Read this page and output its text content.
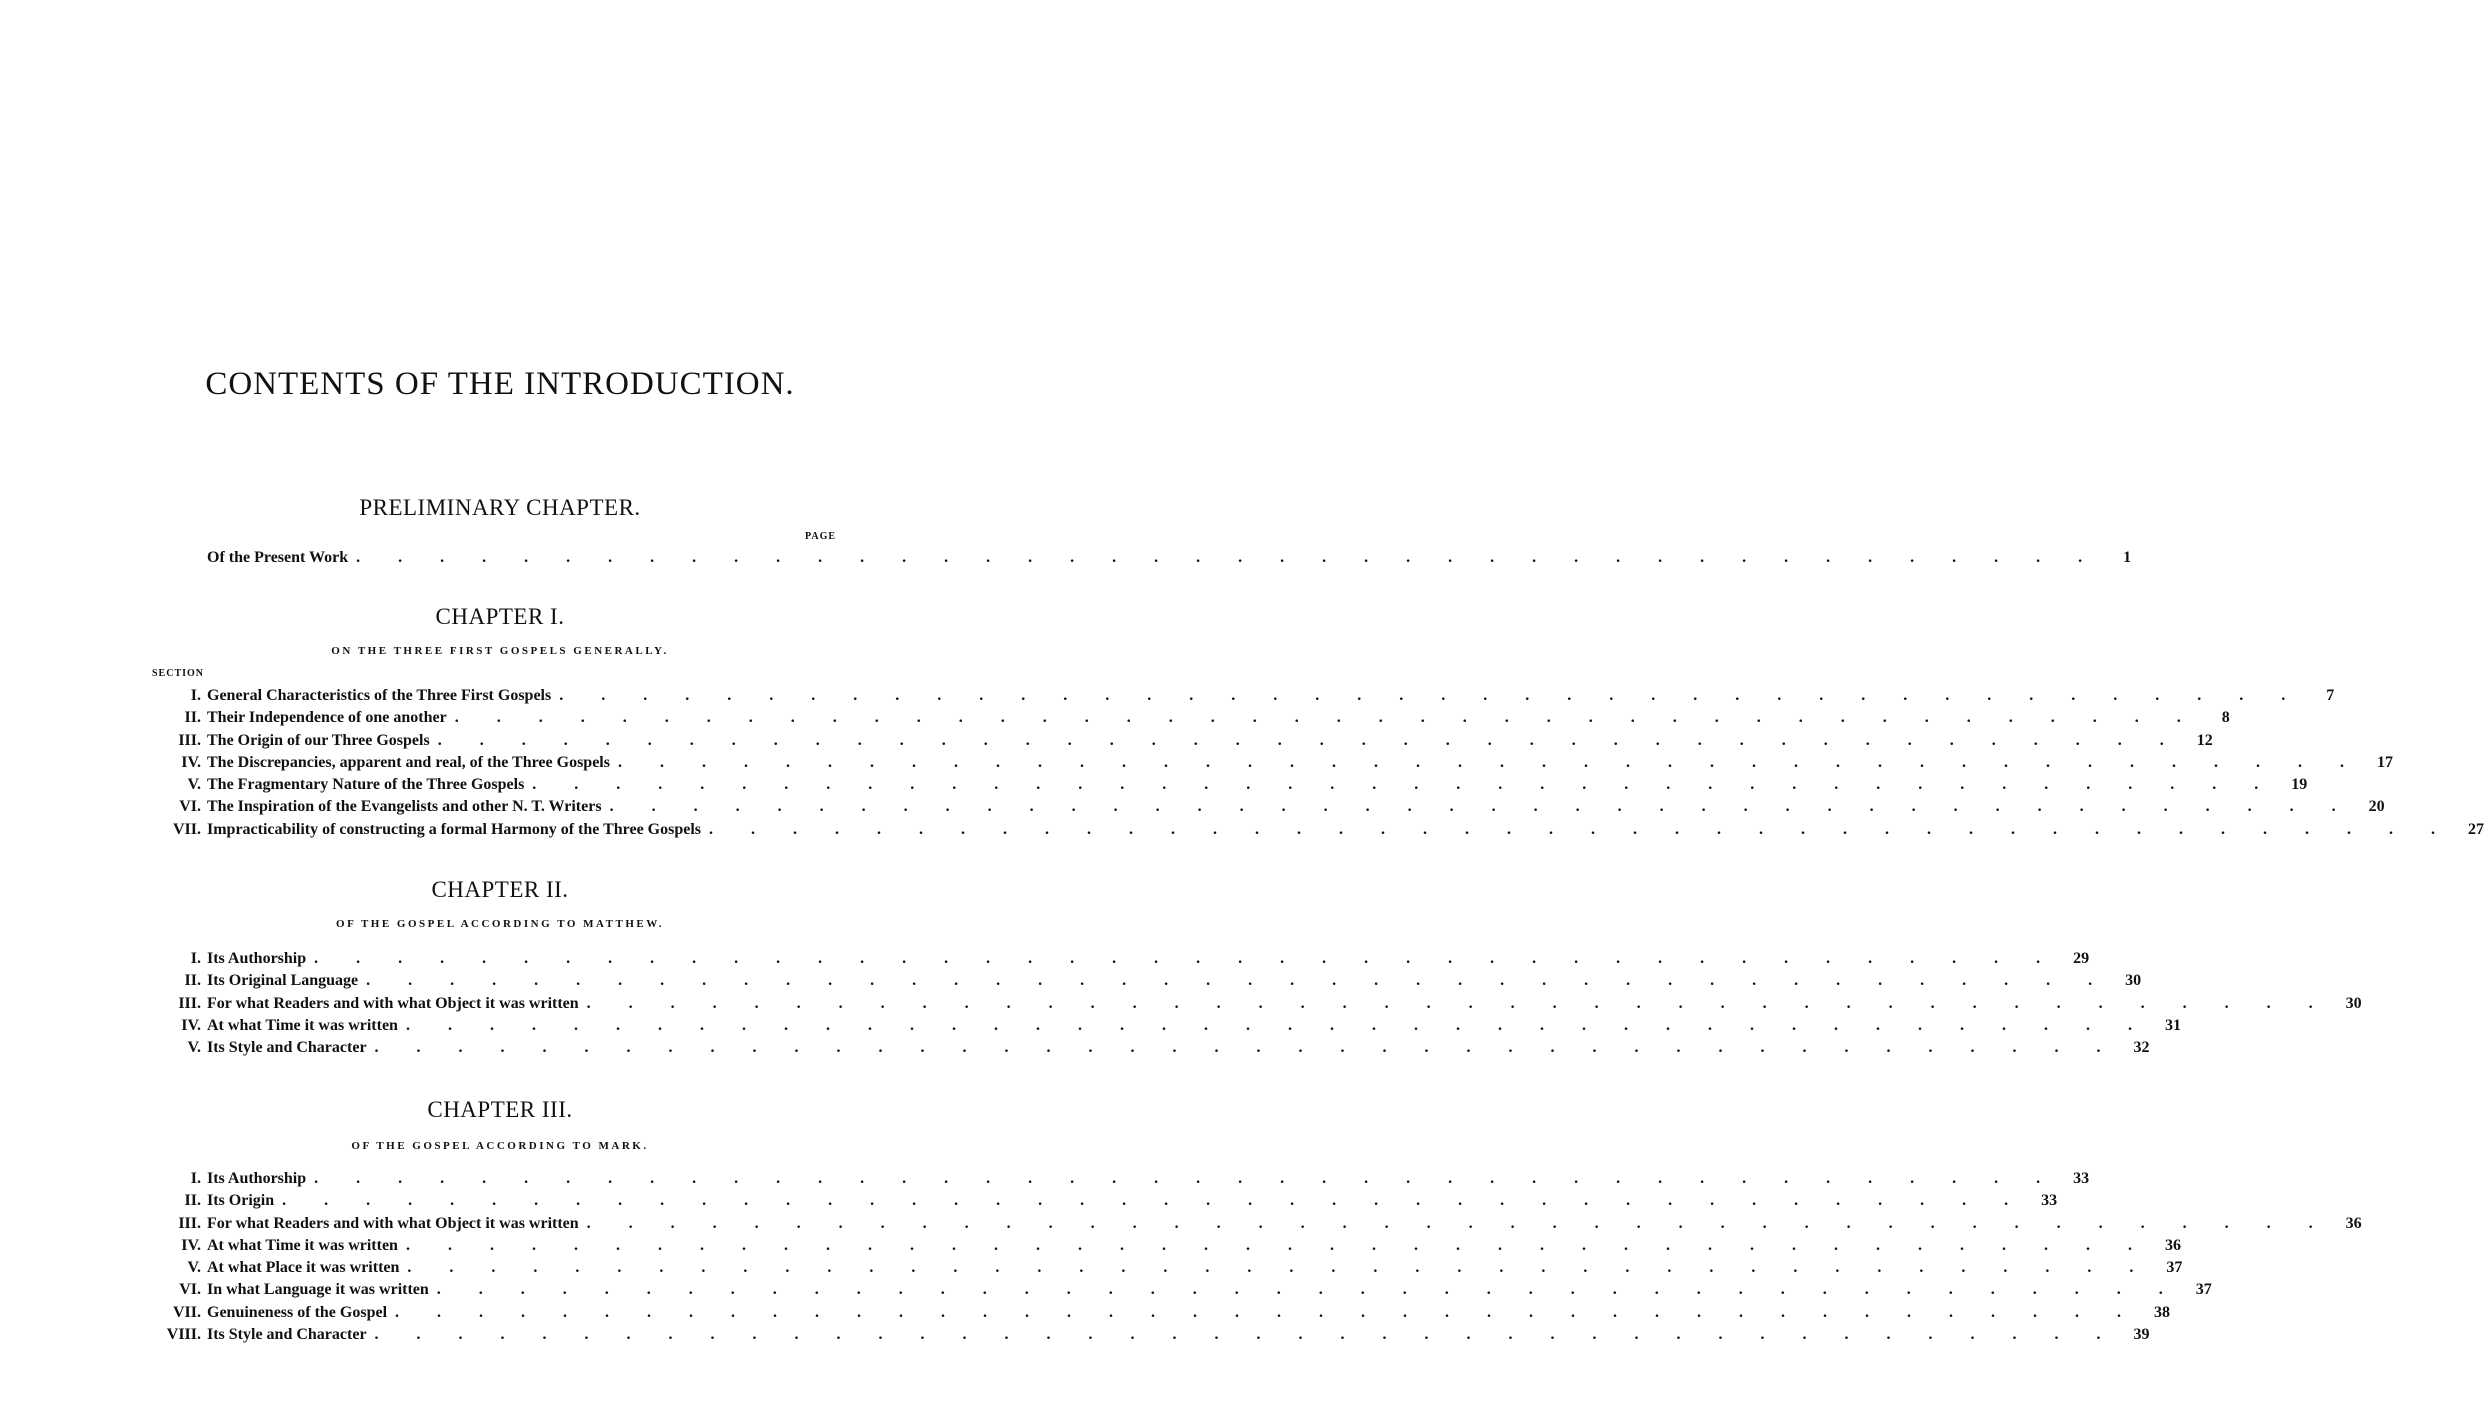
CONTENTS OF THE INTRODUCTION.
PRELIMINARY CHAPTER.
PAGE
Of the Present Work . . . . . . . . . . . . . . . . . . . . . . . . . . . . . . . . . . . . . . . . . .	1
CHAPTER I.
ON THE THREE FIRST GOSPELS GENERALLY.
SECTION
I. General Characteristics of the Three First Gospels . . . . . . . . . . . . . . . . . . . . . . . . . . . . . . . . . . . . . . . . . .	7
II. Their Independence of one another . . . . . . . . . . . . . . . . . . . . . . . . . . . . . . . . . . . . . . . . . .	8
III. The Origin of our Three Gospels . . . . . . . . . . . . . . . . . . . . . . . . . . . . . . . . . . . . . . . . . .	12
IV. The Discrepancies, apparent and real, of the Three Gospels . . . . . . . . . . . . . . . . . . . . . . . . . . . . . . . . . . . . . . . . . .	17
V. The Fragmentary Nature of the Three Gospels . . . . . . . . . . . . . . . . . . . . . . . . . . . . . . . . . . . . . . . . . .	19
VI. The Inspiration of the Evangelists and other N. T. Writers . . . . . . . . . . . . . . . . . . . . . . . . . . . . . . . . . . . . . . . . . .	20
VII. Impracticability of constructing a formal Harmony of the Three Gospels . . . . . . . . . . . . . . . . . . . . . . . . . . . . . . . . . . . . . . . . . .	27
CHAPTER II.
OF THE GOSPEL ACCORDING TO MATTHEW.
I. Its Authorship . . . . . . . . . . . . . . . . . . . . . . . . . . . . . . . . . . . . . . . . . .	29
II. Its Original Language . . . . . . . . . . . . . . . . . . . . . . . . . . . . . . . . . . . . . . . . . .	30
III. For what Readers and with what Object it was written . . . . . . . . . . . . . . . . . . . . . . . . . . . . . . . . . . . . . . . . . .	30
IV. At what Time it was written . . . . . . . . . . . . . . . . . . . . . . . . . . . . . . . . . . . . . . . . . .	31
V. Its Style and Character . . . . . . . . . . . . . . . . . . . . . . . . . . . . . . . . . . . . . . . . . .	32
CHAPTER III.
OF THE GOSPEL ACCORDING TO MARK.
I. Its Authorship . . . . . . . . . . . . . . . . . . . . . . . . . . . . . . . . . . . . . . . . . .	33
II. Its Origin . . . . . . . . . . . . . . . . . . . . . . . . . . . . . . . . . . . . . . . . . .	33
III. For what Readers and with what Object it was written . . . . . . . . . . . . . . . . . . . . . . . . . . . . . . . . . . . . . . . . . .	36
IV. At what Time it was written . . . . . . . . . . . . . . . . . . . . . . . . . . . . . . . . . . . . . . . . . .	36
V. At what Place it was written . . . . . . . . . . . . . . . . . . . . . . . . . . . . . . . . . . . . . . . . . .	37
VI. In what Language it was written . . . . . . . . . . . . . . . . . . . . . . . . . . . . . . . . . . . . . . . . . .	37
VII. Genuineness of the Gospel . . . . . . . . . . . . . . . . . . . . . . . . . . . . . . . . . . . . . . . . . .	38
VIII. Its Style and Character . . . . . . . . . . . . . . . . . . . . . . . . . . . . . . . . . . . . . . . . . .	39
